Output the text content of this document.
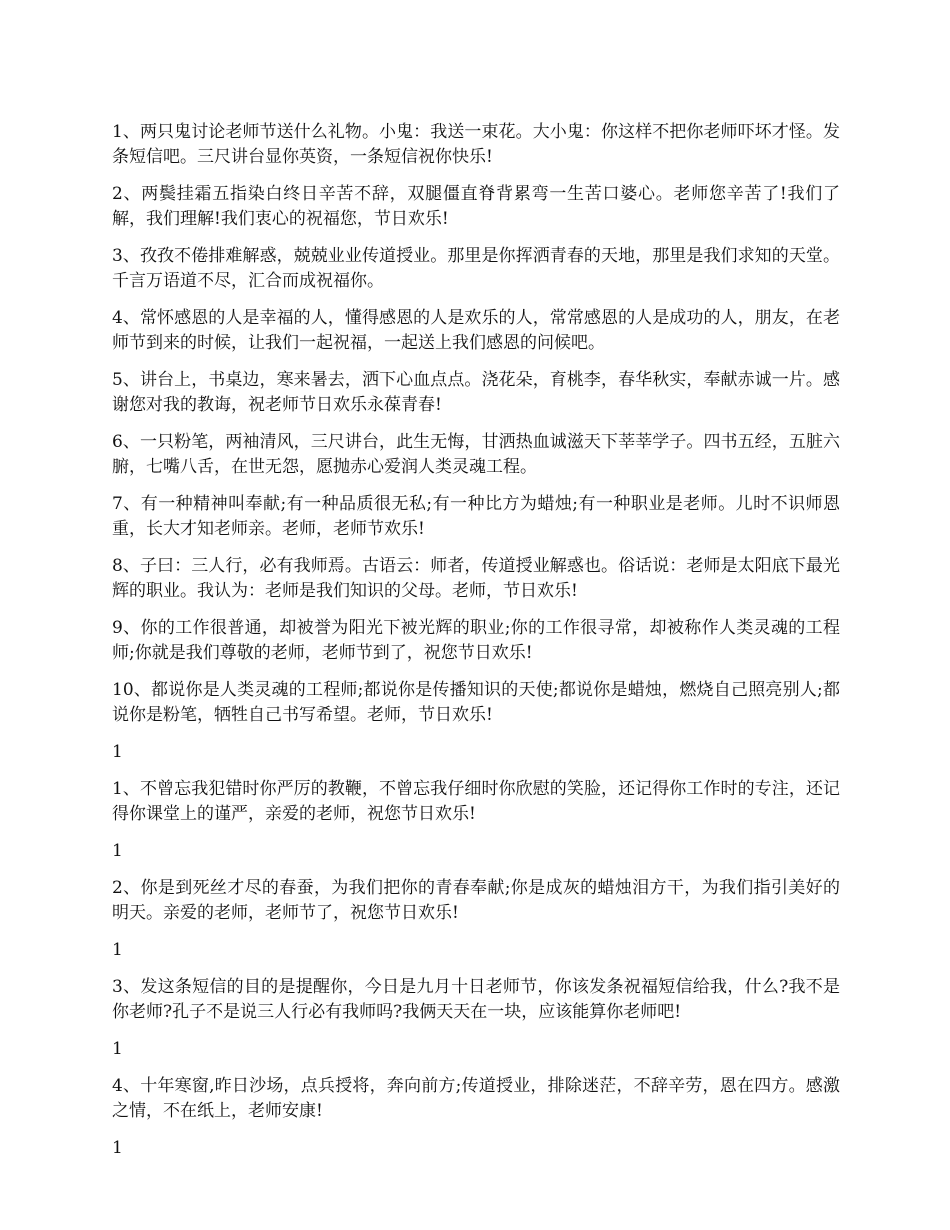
1、两只鬼讨论老师节送什么礼物。小鬼：我送一束花。大小鬼：你这样不把你老师吓坏才怪。发条短信吧。三尺讲台显你英资，一条短信祝你快乐!

2、两鬓挂霜五指染白终日辛苦不辞，双腿僵直脊背累弯一生苦口婆心。老师您辛苦了!我们了解，我们理解!我们衷心的祝福您，节日欢乐!

3、孜孜不倦排难解惑，兢兢业业传道授业。那里是你挥洒青春的天地，那里是我们求知的天堂。千言万语道不尽，汇合而成祝福你。

4、常怀感恩的人是幸福的人，懂得感恩的人是欢乐的人，常常感恩的人是成功的人，朋友，在老师节到来的时候，让我们一起祝福，一起送上我们感恩的问候吧。

5、讲台上，书桌边，寒来暑去，洒下心血点点。浇花朵，育桃李，春华秋实，奉献赤诚一片。感谢您对我的教诲，祝老师节日欢乐永葆青春!

6、一只粉笔，两袖清风，三尺讲台，此生无悔，甘洒热血诚滋天下莘莘学子。四书五经，五脏六腑，七嘴八舌，在世无怨，愿抛赤心爱润人类灵魂工程。

7、有一种精神叫奉献;有一种品质很无私;有一种比方为蜡烛;有一种职业是老师。儿时不识师恩重，长大才知老师亲。老师，老师节欢乐!

8、子曰：三人行，必有我师焉。古语云：师者，传道授业解惑也。俗话说：老师是太阳底下最光辉的职业。我认为：老师是我们知识的父母。老师，节日欢乐!

9、你的工作很普通，却被誉为阳光下被光辉的职业;你的工作很寻常，却被称作人类灵魂的工程师;你就是我们尊敬的老师，老师节到了，祝您节日欢乐!

10、都说你是人类灵魂的工程师;都说你是传播知识的天使;都说你是蜡烛，燃烧自己照亮别人;都说你是粉笔，牺牲自己书写希望。老师，节日欢乐!

1

1、不曾忘我犯错时你严厉的教鞭，不曾忘我仔细时你欣慰的笑脸，还记得你工作时的专注，还记得你课堂上的谨严，亲爱的老师，祝您节日欢乐!

1

2、你是到死丝才尽的春蚕，为我们把你的青春奉献;你是成灰的蜡烛泪方干，为我们指引美好的明天。亲爱的老师，老师节了，祝您节日欢乐!

1

3、发这条短信的目的是提醒你，今日是九月十日老师节，你该发条祝福短信给我，什么?我不是你老师?孔子不是说三人行必有我师吗?我俩天天在一块，应该能算你老师吧!

1

4、十年寒窗,昨日沙场，点兵授将，奔向前方;传道授业，排除迷茫，不辞辛劳，恩在四方。感激之情，不在纸上，老师安康!

1
